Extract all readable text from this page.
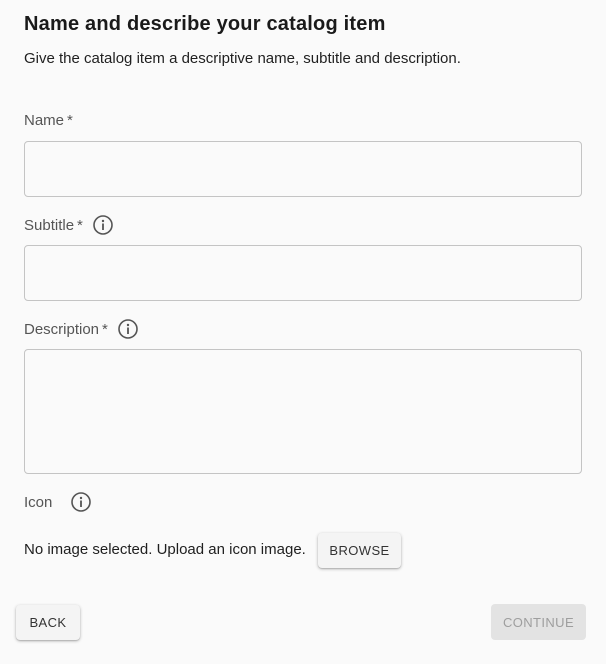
Name and describe your catalog item

Give the catalog item a descriptive name, subtitle and description.

Name *
Subtitle *
Description *
Icon

No image selected. Upload an icon image.	BROWSE
BACK	CONTINUE
